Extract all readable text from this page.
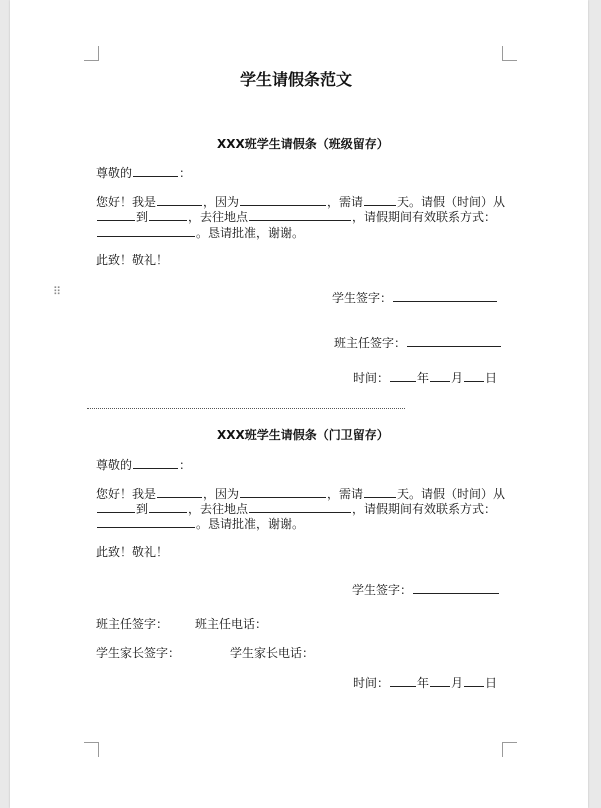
⠿
学生请假条范文
XXX班学生请假条（班级留存）
尊敬的	：
您好！我是	，因为	，需请	天。请假（时间）从
到	，去往地点	，请假期间有效联系方式：
。恳请批准，谢谢。
此致！敬礼！
学生签字：
班主任签字：
时间： 年 月 日
XXX班学生请假条（门卫留存）
尊敬的	：
您好！我是	，因为	，需请	天。请假（时间）从
到	，去往地点	，请假期间有效联系方式：
。恳请批准，谢谢。
此致！敬礼！
学生签字：
班主任签字： 班主任电话：
学生家长签字：	学生家长电话：
时间： 年 月 日
